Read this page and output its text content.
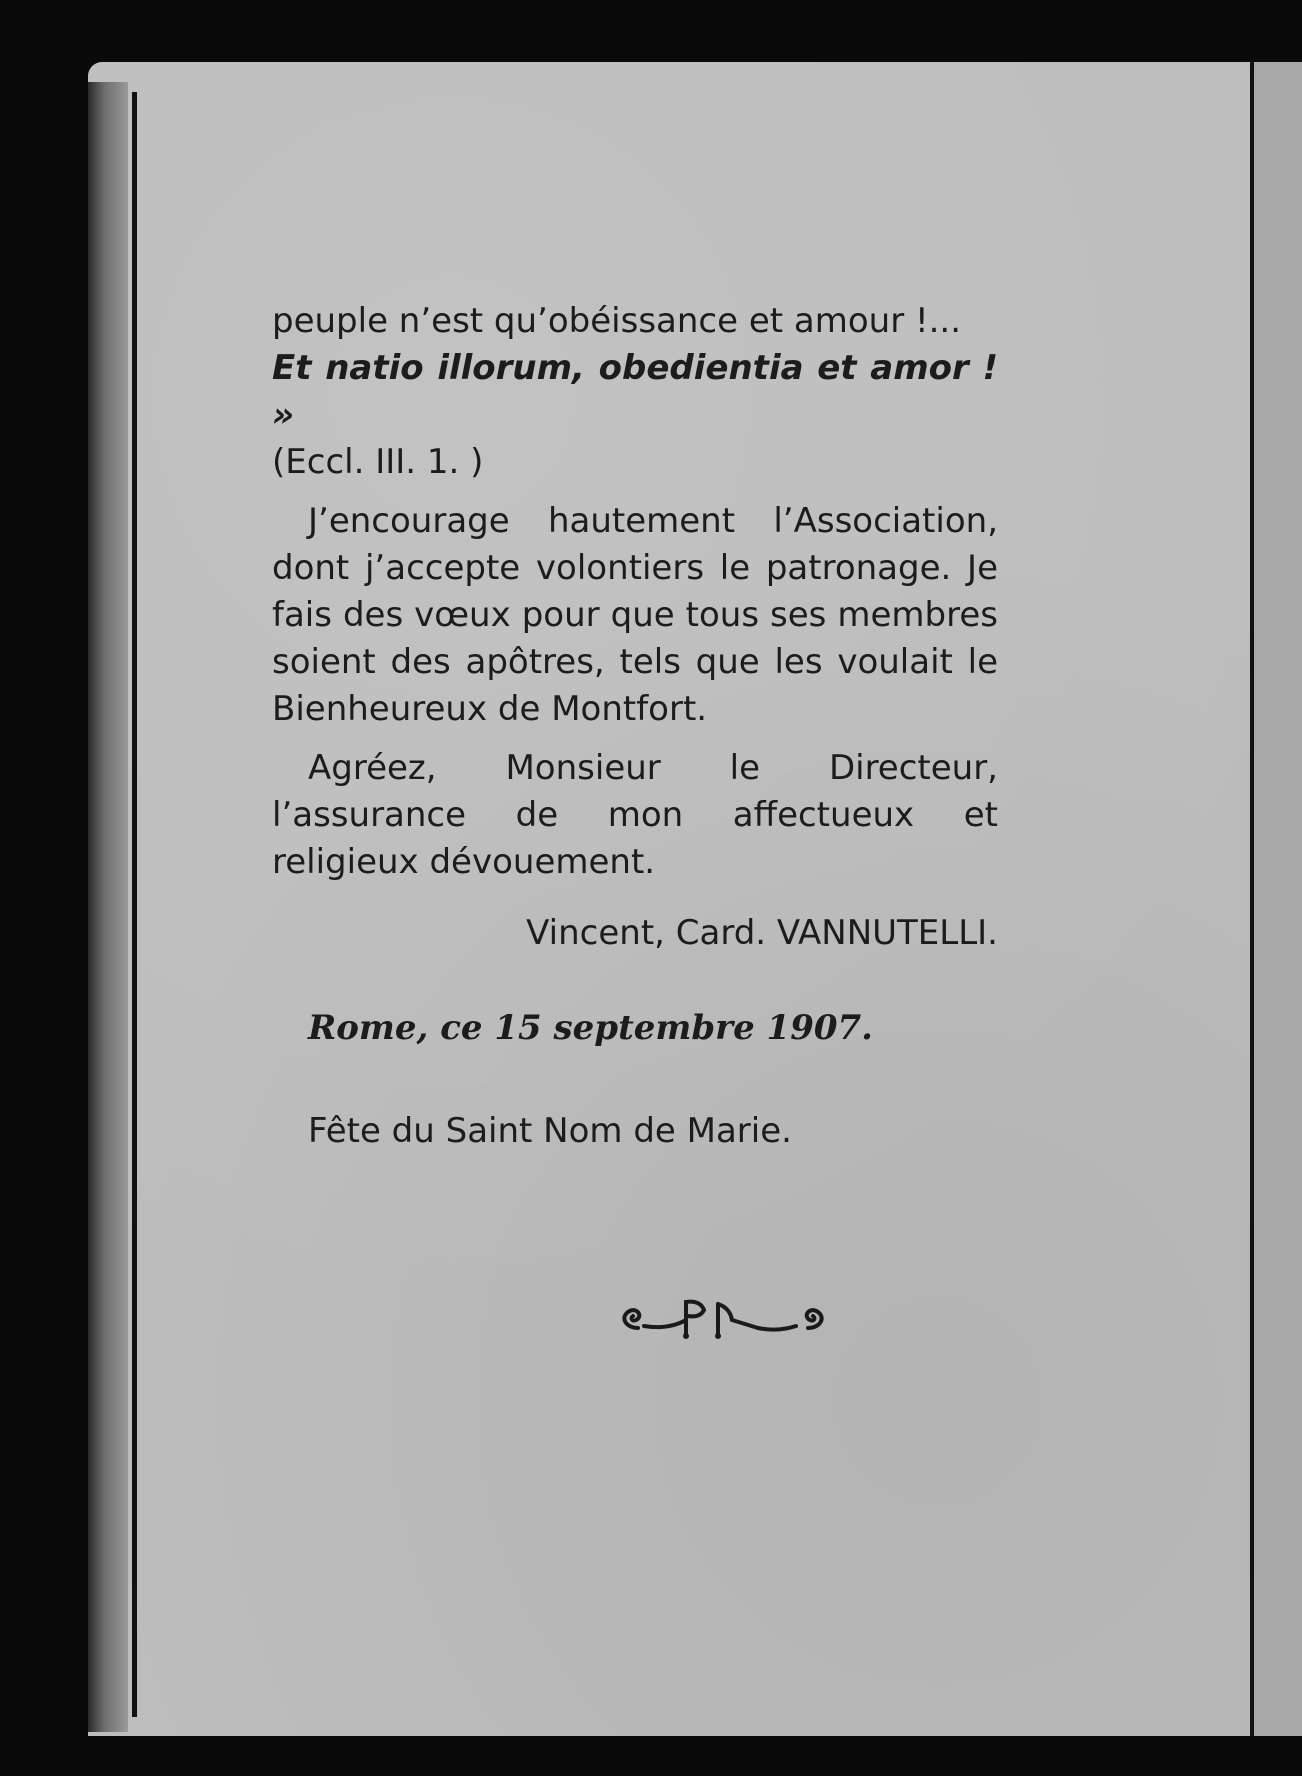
peuple n’est qu’obéissance et amour !...

Et natio illorum, obedientia et amor ! »

(Eccl. III. 1. )

J’encourage hautement l’Association, dont j’accepte volontiers le patronage. Je fais des vœux pour que tous ses membres soient des apôtres, tels que les voulait le Bienheureux de Montfort.

Agréez, Monsieur le Directeur, l’assurance de mon affectueux et religieux dévouement.

Vincent, Card. VANNUTELLI.

Rome, ce 15 septembre 1907.

Fête du Saint Nom de Marie.
